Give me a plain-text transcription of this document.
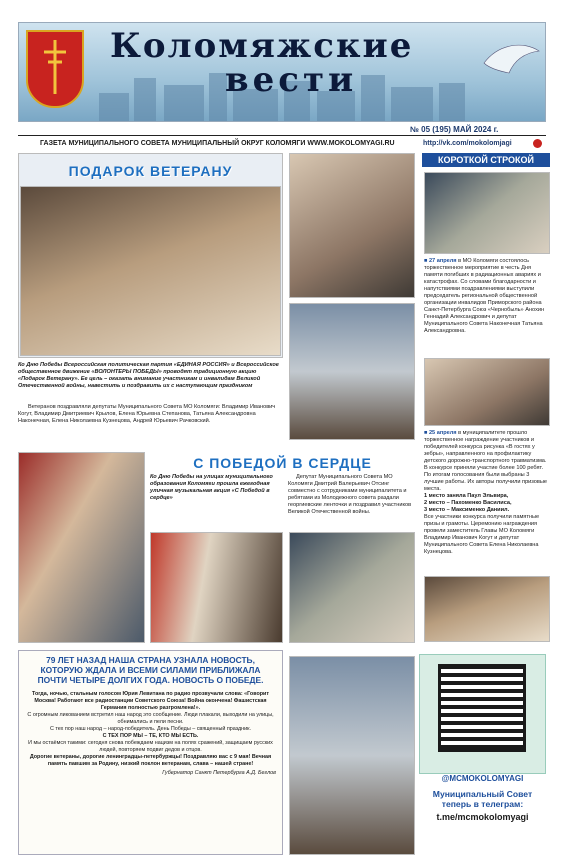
Коломяжские
вести
№ 05 (195) МАЙ 2024 г.
ГАЗЕТА МУНИЦИПАЛЬНОГО СОВЕТА МУНИЦИПАЛЬНЫЙ ОКРУГ КОЛОМЯГИ WWW.MOKOLOMYAGI.RU	http://vk.com/mokolomjagi
ПОДАРОК ВЕТЕРАНУ
Ко Дню Победы Всероссийская политическая партия «ЕДИНАЯ РОССИЯ» и Всероссийское общественное движение «ВОЛОНТЕРЫ ПОБЕДЫ» проводят традиционную акцию «Подарок Ветерану». Ее цель – оказать внимание участникам и инвалидам Великой Отечественной войны, навестить и поздравить их с наступающим праздником
Ветеранов поздравляли депутаты Муниципального Совета МО Коломяги: Владимир Иванович Когут, Владимир Дмитриевич Крылов, Елена Юрьевна Степанова, Татьяна Александровна Наконечная, Елена Николаевна Кузнецова, Андрей Юрьевич Рачковский.
С ПОБЕДОЙ В СЕРДЦЕ
Ко Дню Победы на улицах муниципального образования Коломяги прошла ежегодная уличная музыкальная акция «С Победой в сердце»
Депутат Муниципального Совета МО Коломяги Дмитрий Валерьевич Отсинг совместно с сотрудниками муниципалитета и ребятами из Молодежного совета раздали георгиевские ленточки и поздравил участников Великой Отечественной войны.
КОРОТКОЙ СТРОКОЙ
■ 27 апреля в МО Коломяги состоялось торжественное мероприятие в честь Дня памяти погибших в радиационных авариях и катастрофах. Со словами благодарности и напутствиями поздравлениями выступили председатель региональной общественной организации инвалидов Приморского района Санкт-Петербурга Союз «Чернобыль» Анохин Геннадий Александрович и депутат Муниципального Совета Наконечная Татьяна Александровна.
■ 25 апреля в муниципалитете прошло торжественное награждение участников и победителей конкурса рисунка «В гостях у зебры», направленного на профилактику детского дорожно-транспортного травматизма. В конкурсе приняли участие более 100 ребят. По итогам голосования были выбраны 3 лучшие работы. Их авторы получили призовые места.
1 место заняла Паул Эльвира,
2 место – Пахоменко Василиса,
3 место – Максименко Даниил.
Все участники конкурса получили памятные призы и грамоты. Церемонию награждения провели заместитель Главы МО Коломяги Владимир Иванович Когут и депутат Муниципального Совета Елена Николаевна Кузнецова.
79 ЛЕТ НАЗАД НАША СТРАНА УЗНАЛА НОВОСТЬ, КОТОРУЮ ЖДАЛА И ВСЕМИ СИЛАМИ ПРИБЛИЖАЛА ПОЧТИ ЧЕТЫРЕ ДОЛГИХ ГОДА. НОВОСТЬ О ПОБЕДЕ.

Тогда, ночью, стальным голосом Юрия Левитана по радио прозвучали слова: «Говорит Москва! Работают все радиостанции Советского Союза! Война окончена! Фашистская Германия полностью разгромлена!».

С огромным ликованием встретил наш народ это сообщение. Люди плакали, выходили на улицы, обнимались и пели песни.

С тех пор наш народ – народ-победитель. День Победы – священный праздник.

С ТЕХ ПОР МЫ – ТЕ, КТО МЫ ЕСТЬ.

И мы остаёмся такими: сегодня снова побеждаем нацизм на полях сражений, защищаем русских людей, повторяем подвиг дедов и отцов.

Дорогие ветераны, дорогие ленинградцы-петербуржцы! Поздравляю вас с 9 мая! Вечная память павшим за Родину, низкий поклон ветеранам, слава – нашей стране!

Губернатор Санкт Петербурга А.Д. Беглов

@MCMOKOLOMYAGI
Муниципальный Совет теперь в телеграм:
t.me/mcmokolomyagi
